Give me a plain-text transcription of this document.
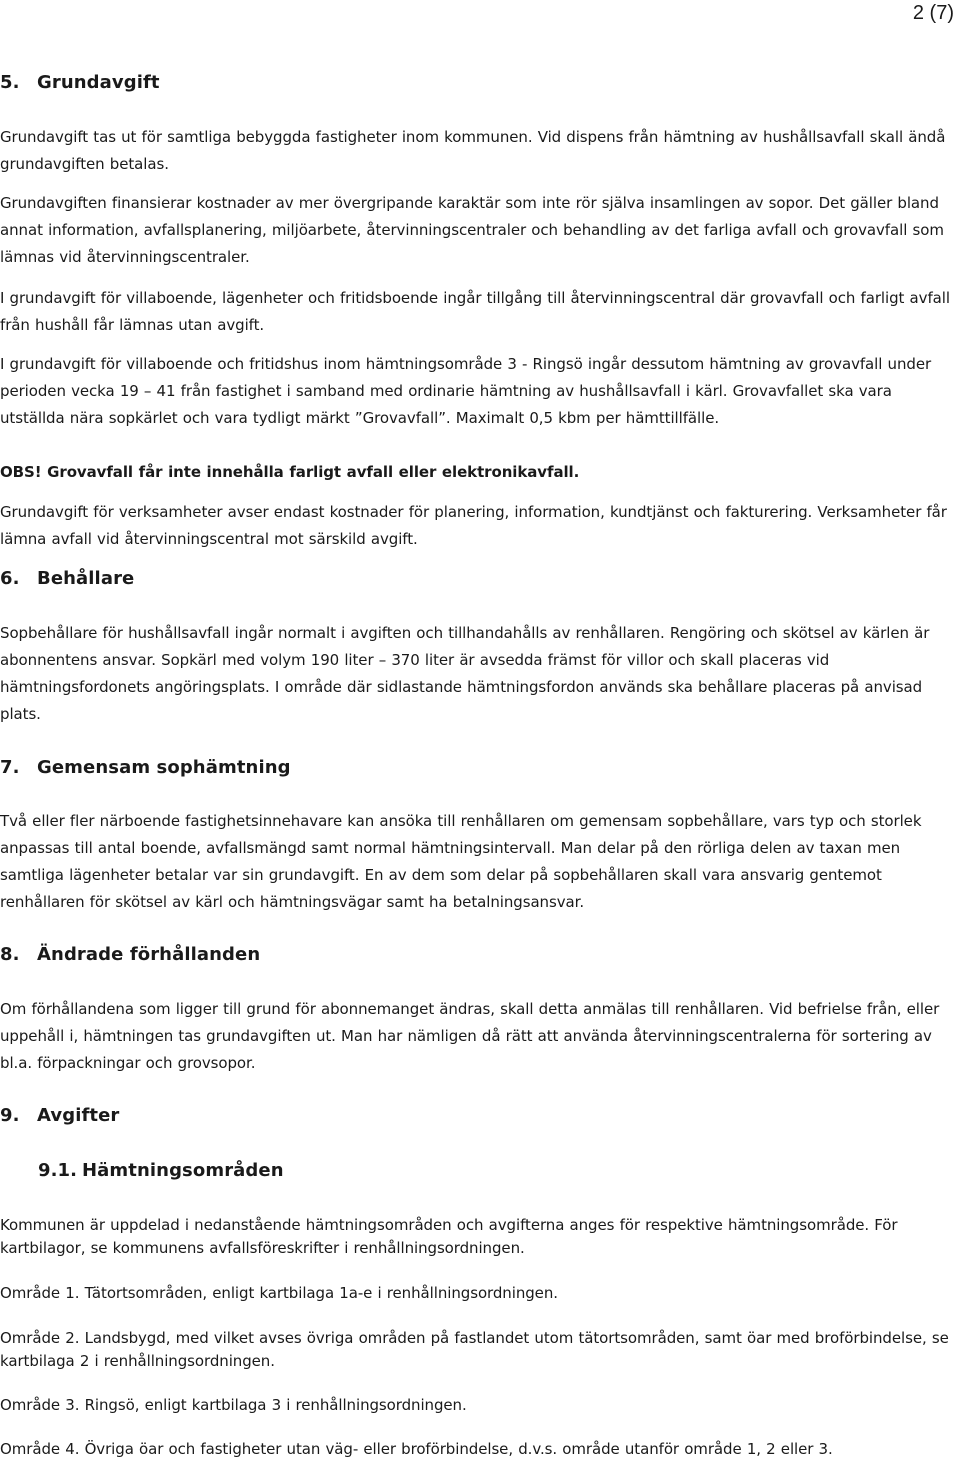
2 (7)
5. Grundavgift

Grundavgift tas ut för samtliga bebyggda fastigheter inom kommunen. Vid dispens från hämtning av hushållsavfall skall ändå grundavgiften betalas.

Grundavgiften finansierar kostnader av mer övergripande karaktär som inte rör själva insamlingen av sopor. Det gäller bland annat information, avfallsplanering, miljöarbete, återvinningscentraler och behandling av det farliga avfall och grovavfall som lämnas vid återvinningscentraler.

I grundavgift för villaboende, lägenheter och fritidsboende ingår tillgång till återvinningscentral där grovavfall och farligt avfall från hushåll får lämnas utan avgift.

I grundavgift för villaboende och fritidshus inom hämtningsområde 3 - Ringsö ingår dessutom hämtning av grovavfall under perioden vecka 19 – 41 från fastighet i samband med ordinarie hämtning av hushållsavfall i kärl. Grovavfallet ska vara utställda nära sopkärlet och vara tydligt märkt ”Grovavfall”. Maximalt 0,5 kbm per hämttillfälle.

OBS! Grovavfall får inte innehålla farligt avfall eller elektronikavfall.

Grundavgift för verksamheter avser endast kostnader för planering, information, kundtjänst och fakturering. Verksamheter får lämna avfall vid återvinningscentral mot särskild avgift.

6. Behållare

Sopbehållare för hushållsavfall ingår normalt i avgiften och tillhandahålls av renhållaren. Rengöring och skötsel av kärlen är abonnentens ansvar. Sopkärl med volym 190 liter – 370 liter är avsedda främst för villor och skall placeras vid hämtningsfordonets angöringsplats. I område där sidlastande hämtningsfordon används ska behållare placeras på anvisad plats.

7. Gemensam sophämtning

Två eller fler närboende fastighetsinnehavare kan ansöka till renhållaren om gemensam sopbehållare, vars typ och storlek anpassas till antal boende, avfallsmängd samt normal hämtningsintervall. Man delar på den rörliga delen av taxan men samtliga lägenheter betalar var sin grundavgift. En av dem som delar på sopbehållaren skall vara ansvarig gentemot renhållaren för skötsel av kärl och hämtningsvägar samt ha betalningsansvar.

8. Ändrade förhållanden

Om förhållandena som ligger till grund för abonnemanget ändras, skall detta anmälas till renhållaren. Vid befrielse från, eller uppehåll i, hämtningen tas grundavgiften ut. Man har nämligen då rätt att använda återvinningscentralerna för sortering av bl.a. förpackningar och grovsopor.

9. Avgifter
9.1. Hämtningsområden

Kommunen är uppdelad i nedanstående hämtningsområden och avgifterna anges för respektive hämtningsområde. För kartbilagor, se kommunens avfallsföreskrifter i renhållningsordningen.

Område 1. Tätortsområden, enligt kartbilaga 1a-e i renhållningsordningen.

Område 2. Landsbygd, med vilket avses övriga områden på fastlandet utom tätortsområden, samt öar med broförbindelse, se kartbilaga 2 i renhållningsordningen.

Område 3. Ringsö, enligt kartbilaga 3 i renhållningsordningen.

Område 4. Övriga öar och fastigheter utan väg- eller broförbindelse, d.v.s. område utanför område 1, 2 eller 3.
